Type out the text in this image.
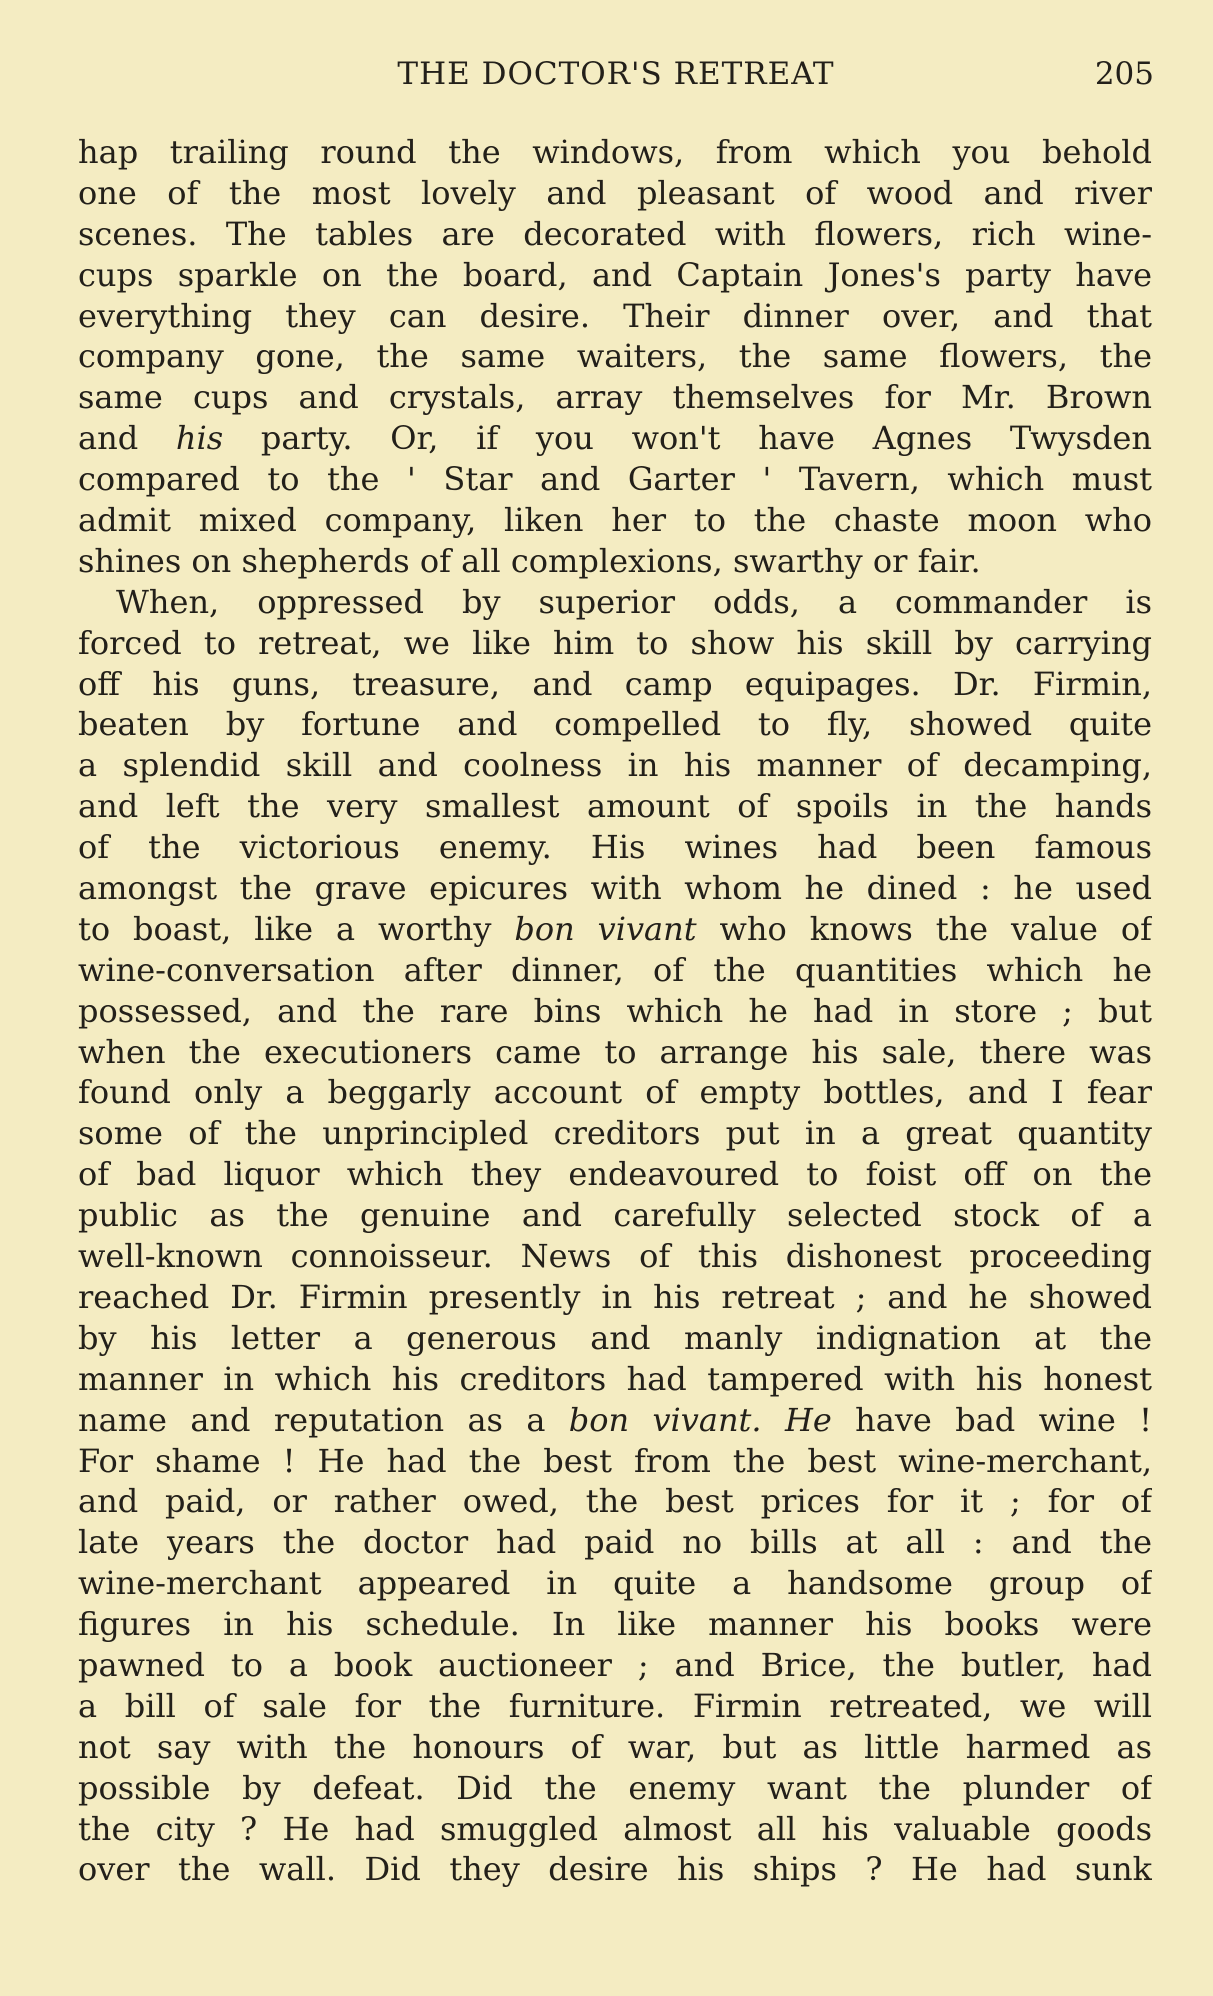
THE DOCTOR'S RETREAT	205
hap trailing round the windows, from which you behold
one of the most lovely and pleasant of wood and river
scenes. The tables are decorated with flowers, rich wine-
cups sparkle on the board, and Captain Jones's party have
everything they can desire. Their dinner over, and that
company gone, the same waiters, the same flowers, the
same cups and crystals, array themselves for Mr. Brown
and his party. Or, if you won't have Agnes Twysden
compared to the ' Star and Garter ' Tavern, which must
admit mixed company, liken her to the chaste moon who
shines on shepherds of all complexions, swarthy or fair.
When, oppressed by superior odds, a commander is
forced to retreat, we like him to show his skill by carrying
off his guns, treasure, and camp equipages. Dr. Firmin,
beaten by fortune and compelled to fly, showed quite
a splendid skill and coolness in his manner of decamping,
and left the very smallest amount of spoils in the hands
of the victorious enemy. His wines had been famous
amongst the grave epicures with whom he dined : he used
to boast, like a worthy bon vivant who knows the value of
wine-conversation after dinner, of the quantities which he
possessed, and the rare bins which he had in store ; but
when the executioners came to arrange his sale, there was
found only a beggarly account of empty bottles, and I fear
some of the unprincipled creditors put in a great quantity
of bad liquor which they endeavoured to foist off on the
public as the genuine and carefully selected stock of a
well-known connoisseur. News of this dishonest proceeding
reached Dr. Firmin presently in his retreat ; and he showed
by his letter a generous and manly indignation at the
manner in which his creditors had tampered with his honest
name and reputation as a bon vivant. He have bad wine !
For shame ! He had the best from the best wine-merchant,
and paid, or rather owed, the best prices for it ; for of
late years the doctor had paid no bills at all : and the
wine-merchant appeared in quite a handsome group of
figures in his schedule. In like manner his books were
pawned to a book auctioneer ; and Brice, the butler, had
a bill of sale for the furniture. Firmin retreated, we will
not say with the honours of war, but as little harmed as
possible by defeat. Did the enemy want the plunder of
the city ? He had smuggled almost all his valuable goods
over the wall. Did they desire his ships ? He had sunk
